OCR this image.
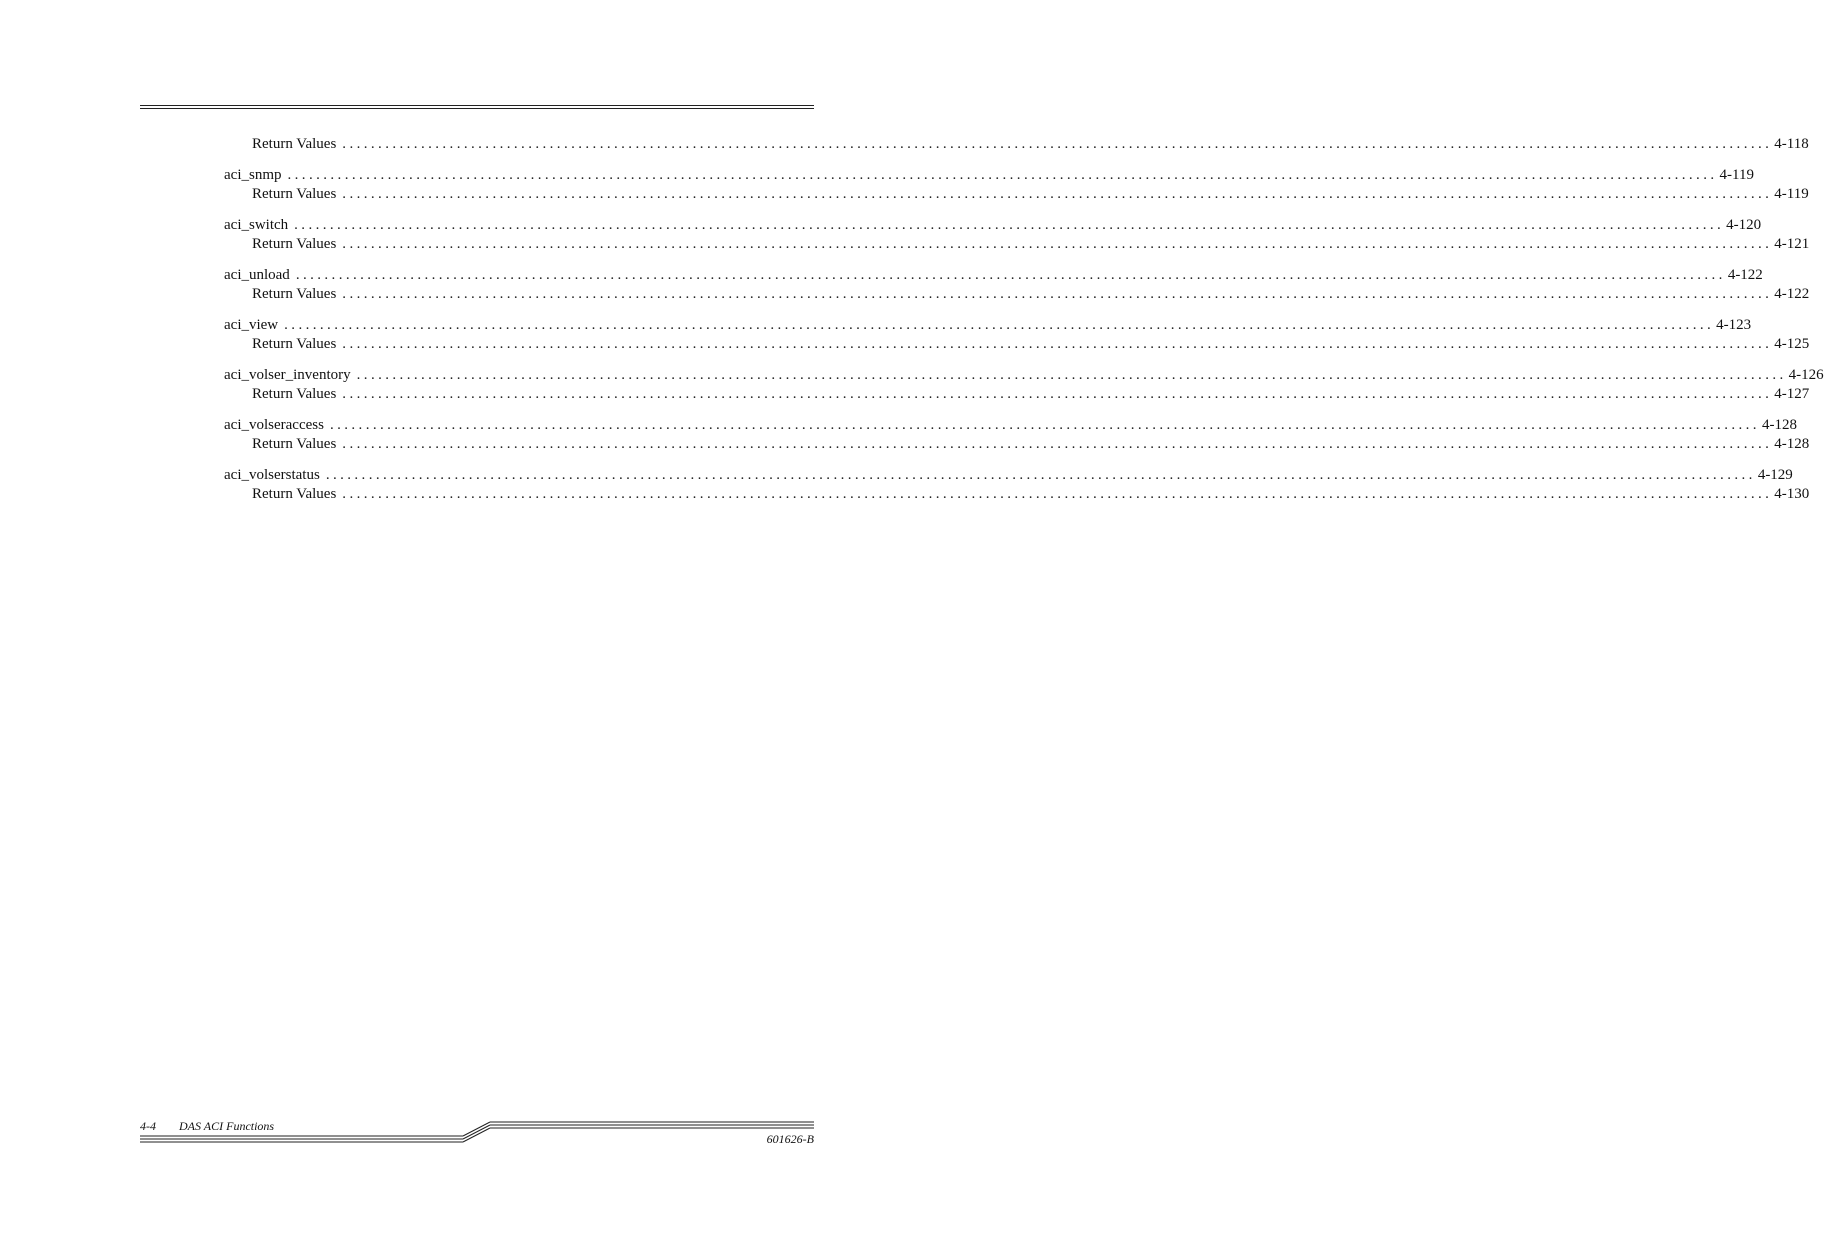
Return Values ........................................................................................................................................................................................................ 4-118
aci_snmp ........................................................................................................................................................................................................ 4-119
Return Values ........................................................................................................................................................................................................ 4-119
aci_switch ........................................................................................................................................................................................................ 4-120
Return Values ........................................................................................................................................................................................................ 4-121
aci_unload ........................................................................................................................................................................................................ 4-122
Return Values ........................................................................................................................................................................................................ 4-122
aci_view ........................................................................................................................................................................................................ 4-123
Return Values ........................................................................................................................................................................................................ 4-125
aci_volser_inventory ........................................................................................................................................................................................................ 4-126
Return Values ........................................................................................................................................................................................................ 4-127
aci_volseraccess ........................................................................................................................................................................................................ 4-128
Return Values ........................................................................................................................................................................................................ 4-128
aci_volserstatus ........................................................................................................................................................................................................ 4-129
Return Values ........................................................................................................................................................................................................ 4-130
4-4 DAS ACI Functions
601626-B
